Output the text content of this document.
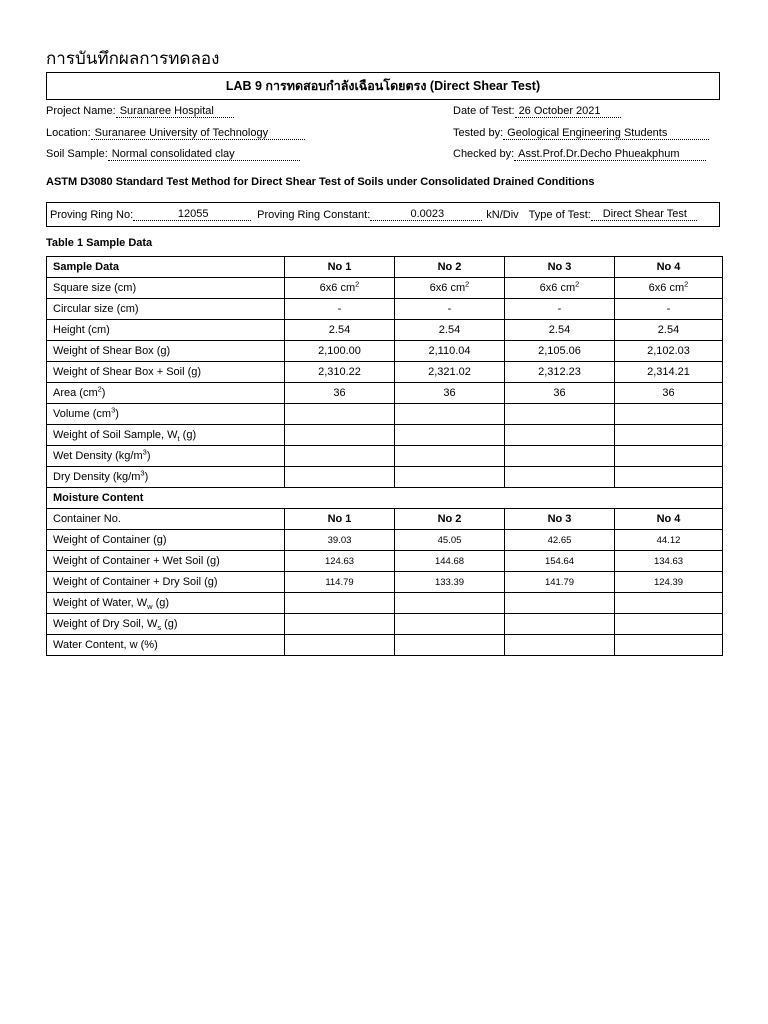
การบันทึกผลการทดลอง
LAB 9 การทดสอบกำลังเฉือนโดยตรง (Direct Shear Test)
Project Name: Suranaree Hospital	Date of Test: 26 October 2021
Location: Suranaree University of Technology	Tested by: Geological Engineering Students
Soil Sample: Normal consolidated clay	Checked by: Asst.Prof.Dr.Decho Phueakphum
ASTM D3080 Standard Test Method for Direct Shear Test of Soils under Consolidated Drained Conditions
Proving Ring No:	12055	Proving Ring Constant:	0.0023	kN/Div Type of Test:	Direct Shear Test
Table 1 Sample Data
Sample Data	No 1	No 2	No 3	No 4
Square size (cm)	6x6 $cm^2$	6x6 $cm^2$	6x6 $cm^2$	6x6 $cm^2$
Circular size (cm)	-	-	-	-
Height (cm)	2.54	2.54	2.54	2.54
Weight of Shear Box (g)	2,100.00	2,110.04	2,105.06	2,102.03
Weight of Shear Box + Soil (g)	2,310.22	2,321.02	2,312.23	2,314.21
Area $(cm^2)$	36	36	36	36
Volume $(cm^3)$				
Weight of Soil Sample, $W_t$ (g)				
Wet Density $(kg/m^3)$				
Dry Density $(kg/m^3)$				
Moisture Content				
Container No.	No 1	No 2	No 3	No 4
Weight of Container (g)	39.03	45.05	42.65	44.12
Weight of Container + Wet Soil (g)	124.63	144.68	154.64	134.63
Weight of Container + Dry Soil (g)	114.79	133.39	141.79	124.39
Weight of Water, $W_w$ (g)				
Weight of Dry Soil, $W_s$ (g)				
Water Content, w (%)				
